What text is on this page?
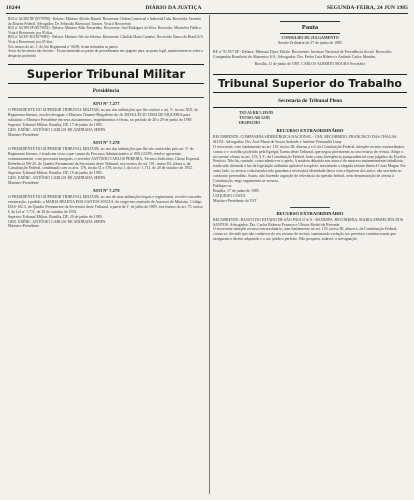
10244	DIÁRIO DA JUSTIÇA	SEGUNDA-FEIRA, 24 JUN 1985

RIO nº 64.380 DF (8578788) - Relator: Ministro Alfredo Buzaid. Recorrente: Ordem Comercial e Industrial Ltda. Recorrida: Fazenda do Distrito Federal. Advogados: Dr. Sebastião Bitencourt Tavares. Vista à Recorrente.

RIO nº 64.389 SP (8579053) - Relator: Ministro Aldir Passarinho. Recorrente: José Rodrigues da Silva. Recorrido: Ministério Público. Vista à Recorrente, por 05 dias.

RIO nº 64.391 RJ (8579085) - Relator: Ministro Néri da Silveira. Recorrente: Cândida Maria Carneiro. Recorrido: Banco do Brasil S/A. Vista à Recorrente, por 05 dias.

Nos termos do art. 1º do Ato Regimental nº 06/85, ficam intimadas as partes.

Aviso da Secretaria das Sessões - Ficam intimadas as partes do procedimento em epígrafe para, no prazo legal, manifestarem-se sobre o despacho proferido.

Superior Tribunal Militar

Presidência

ATO Nº 7.277

O PRESIDENTE DO SUPERIOR TRIBUNAL MILITAR, no uso das atribuições que lhe confere o art. 5º, inciso XIX, do Regimento Interno, resolve designar o Ministro Tenente-Brigadeiro-do-Ar DEOCLÉCIO LIMA DE SIQUEIRA para substituir o Ministro Presidente em seus afastamentos, impedimentos e férias, no período de 20 a 29 de junho de 1985.
Superior Tribunal Militar, Brasília, DF, 17 de junho de 1985.
GEN. EXÉRC. ANTÔNIO CARLOS DE ANDRADA SERPA
Ministro-Presidente

ATO Nº 7.278

O PRESIDENTE DO SUPERIOR TRIBUNAL MILITAR, no uso das atribuições que lhe são conferidas pelo art. 5º do Regimento Interno, e tendo em vista o que consta do Processo Administrativo nº 000.123/85, resolve aposentar, voluntariamente, com proventos integrais, o servidor ANTÔNIO CARLOS PEREIRA, Técnico Judiciário, Classe Especial, Referência NS-25, do Quadro Permanente da Secretaria deste Tribunal, nos termos do art. 101, inciso III, alínea a, da Constituição Federal, combinado com os arts. 176, inciso II, e 178, inciso I, da Lei nº 1.711, de 28 de outubro de 1952.
Superior Tribunal Militar, Brasília, DF, 19 de junho de 1985.
GEN. EXÉRC. ANTÔNIO CARLOS DE ANDRADA SERPA
Ministro-Presidente

ATO Nº 7.279

O PRESIDENTE DO SUPERIOR TRIBUNAL MILITAR, no uso de suas atribuições legais e regimentais, resolve conceder exoneração, a pedido, a MARIA HELENA DOS SANTOS SOUZA, do cargo em comissão de Assessor de Ministro, Código DAS-102.3, do Quadro Permanente da Secretaria deste Tribunal, a partir de 1º de julho de 1985, nos termos do art. 75, inciso I, da Lei nº 1.711, de 28 de outubro de 1952.
Superior Tribunal Militar, Brasília, DF, 20 de junho de 1985.
GEN. EXÉRC. ANTÔNIO CARLOS DE ANDRADA SERPA
Ministro-Presidente

Pauta
CONSELHO DE JULGAMENTO
Sessão Ordinária de 27 de junho de 1985

RE nº 91.957 SP - Relator: Ministro Djaci Falcão. Recorrente: Instituto Nacional de Previdência Social. Recorrido: Companhia Brasileira de Alimentos S/A. Advogados: Drs. Pedro Luiz Ribeiro e Antônio Carlos Mendes.

Brasília, 21 de junho de 1985. CARLOS ALBERTO MOURA Secretário

Tribunal Superior do Trabalho

Secretaria do Tribunal Pleno

TST-AI-RR 5.193/85

TST-RO-AR 12/85

DESPACHO

RECURSO EXTRAORDINÁRIO

RECORRENTE: COMPANHIA SIDERÚRGICA NACIONAL - CSN. RECORRIDO: FRANCISCO DAS CHAGAS SILVA. Advogados: Drs. José Maria de Souza Andrade e Antônio Fernandes Lima.
O recorrente, com fundamento no art. 119, inciso III, alíneas a e d, da Constituição Federal, interpõe recurso extraordinário contra o v. acórdão proferido pela Egrégia Turma deste Tribunal, que negou provimento ao seu recurso de revista. Alega o recorrente ofensa ao art. 153, § 3º, da Constituição Federal, bem como divergência jurisprudencial com julgados do Excelso Pretório. Não há, contudo, como admitir-se o apelo. A matéria debatida nos autos é de natureza eminentemente trabalhista, tendo sido dirimida à luz da legislação ordinária aplicável à espécie, inexistindo a alegada afronta direta à Carta Magna. Por outro lado, os arestos colacionados não guardam a necessária identidade fática com a hipótese dos autos, não servindo ao confronto pretendido. Assim, não havendo arguição de relevância da questão federal, nem demonstração de ofensa à Constituição, nego seguimento ao recurso.
Publique-se.
Brasília, 17 de junho de 1985.
COQUEIJO COSTA
Ministro-Presidente do TST

RECURSO EXTRAORDINÁRIO

RECORRENTE: BANCO DO ESTADO DE SÃO PAULO S/A - BANESPA. RECORRIDA: MARIA APARECIDA DOS SANTOS. Advogados: Drs. Carlos Roberto Fonseca e Ulisses Riedel de Resende.
O recorrente interpõe recurso extraordinário, com fundamento no art. 119, inciso III, alínea a, da Constituição Federal, contra a r. decisão que não conheceu do seu recurso de revista, sustentando violação aos preceitos constitucionais que asseguram o direito adquirido e o ato jurídico perfeito. Não prospera, todavia, a irresignação.
